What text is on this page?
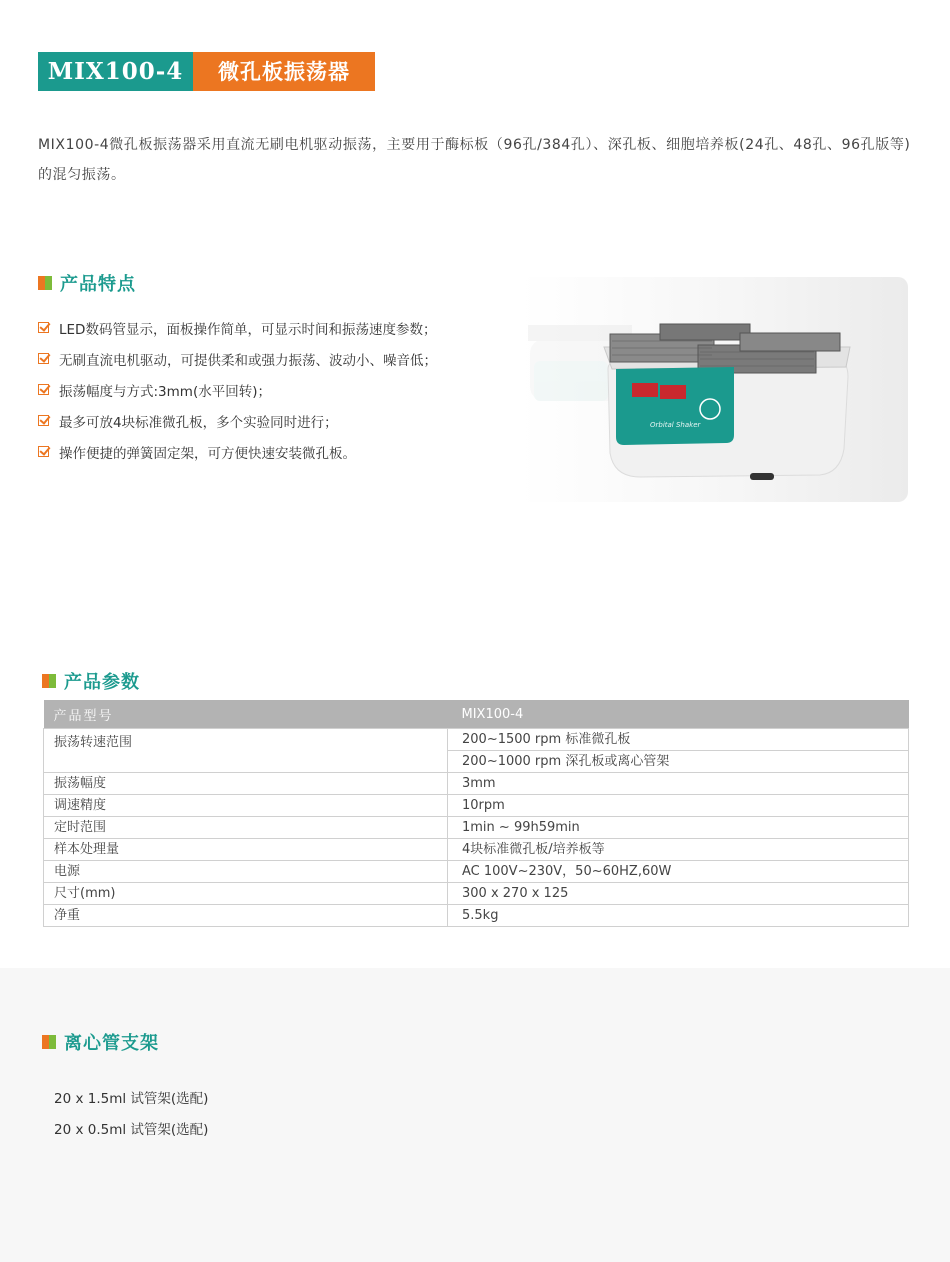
MIX100-4	微孔板振荡器

MIX100-4微孔板振荡器采用直流无刷电机驱动振荡，主要用于酶标板（96孔/384孔）、深孔板、细胞培养板(24孔、48孔、96孔版等)的混匀振荡。

产品特点
LED数码管显示，面板操作简单，可显示时间和振荡速度参数；
无刷直流电机驱动，可提供柔和或强力振荡、波动小、噪音低；
振荡幅度与方式:3mm(水平回转)；
最多可放4块标准微孔板，多个实验同时进行；
操作便捷的弹簧固定架，可方便快速安装微孔板。
Orbital Shaker
产品参数
产品型号	MIX100-4
振荡转速范围	200~1500 rpm 标准微孔板
	200~1000 rpm 深孔板或离心管架
振荡幅度	3mm
调速精度	10rpm
定时范围	1min ~ 99h59min
样本处理量	4块标准微孔板/培养板等
电源	AC 100V~230V，50~60HZ,60W
尺寸(mm)	300 x 270 x 125
净重	5.5kg
离心管支架
20 x 1.5ml 试管架(选配)
20 x 0.5ml 试管架(选配)
